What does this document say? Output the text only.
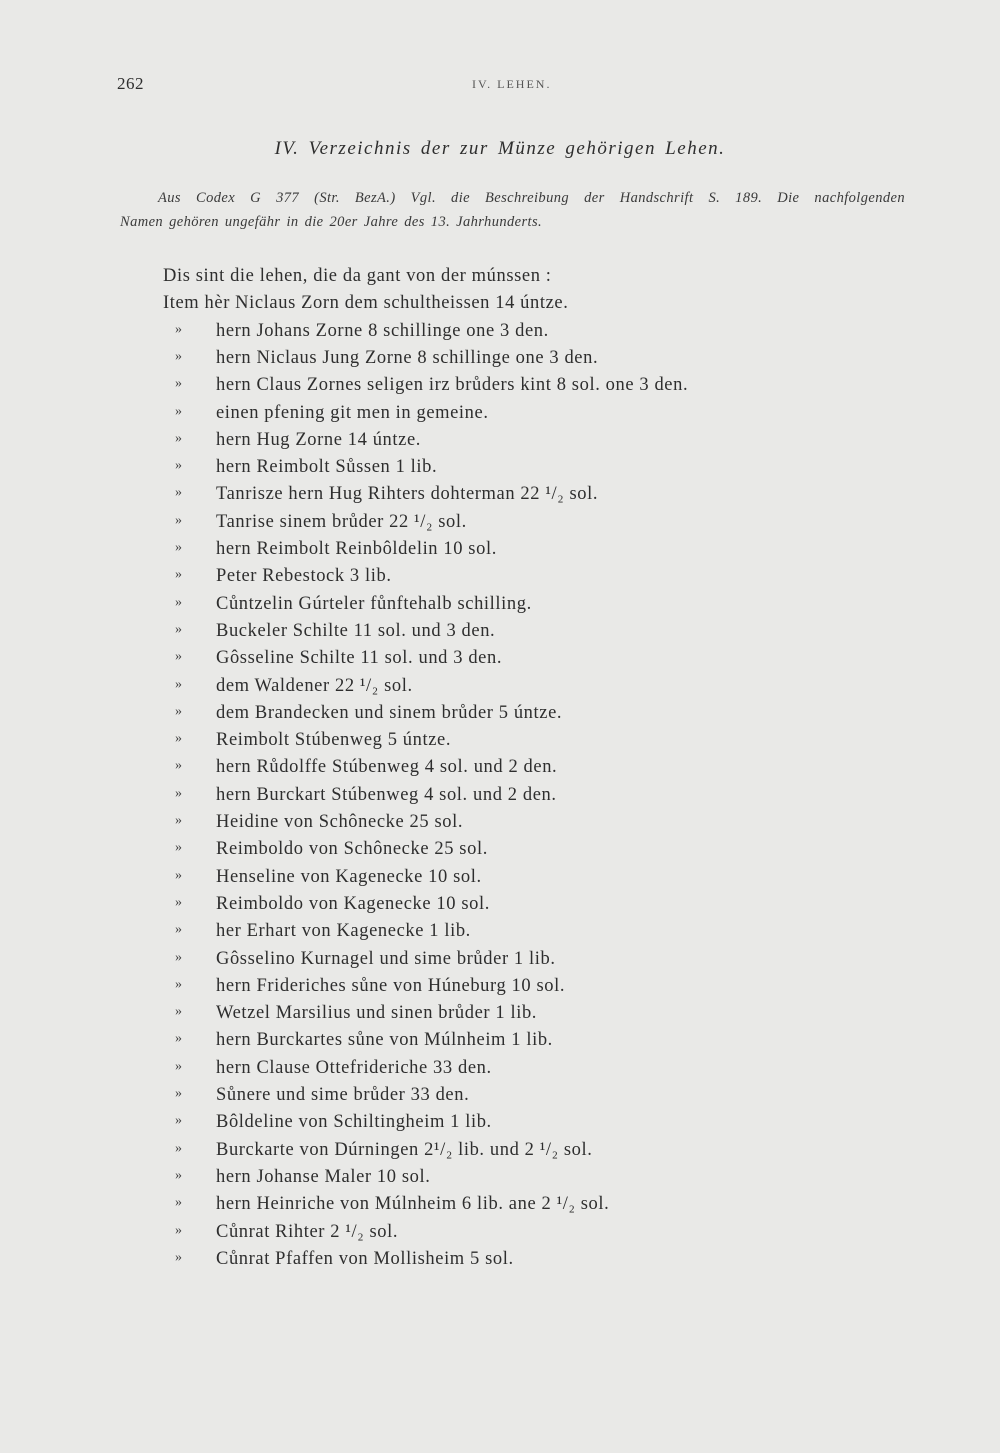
262	IV. LEHEN.
IV. Verzeichnis der zur Münze gehörigen Lehen.
Aus Codex G 377 (Str. BezA.) Vgl. die Beschreibung der Handschrift S. 189. Die nachfolgenden
Namen gehören ungefähr in die 20er Jahre des 13. Jahrhunderts.
Dis sint die lehen, die da gant von der múnssen :
Item hèr Niclaus Zorn dem schultheissen 14 úntze.
» hern Johans Zorne 8 schillinge one 3 den.
» hern Niclaus Jung Zorne 8 schillinge one 3 den.
» hern Claus Zornes seligen irz brůders kint 8 sol. one 3 den.
» einen pfening git men in gemeine.
» hern Hug Zorne 14 úntze.
» hern Reimbolt Sůssen 1 lib.
» Tanrisze hern Hug Rihters dohterman 22 ¹/₂ sol.
» Tanrise sinem brůder 22 ¹/₂ sol.
» hern Reimbolt Reinbôldelin 10 sol.
» Peter Rebestock 3 lib.
» Cůntzelin Gúrteler fůnftehalb schilling.
» Buckeler Schilte 11 sol. und 3 den.
» Gôsseline Schilte 11 sol. und 3 den.
» dem Waldener 22 ¹/₂ sol.
» dem Brandecken und sinem brůder 5 úntze.
» Reimbolt Stúbenweg 5 úntze.
» hern Růdolffe Stúbenweg 4 sol. und 2 den.
» hern Burckart Stúbenweg 4 sol. und 2 den.
» Heidine von Schônecke 25 sol.
» Reimboldo von Schônecke 25 sol.
» Henseline von Kagenecke 10 sol.
» Reimboldo von Kagenecke 10 sol.
» her Erhart von Kagenecke 1 lib.
» Gôsselino Kurnagel und sime brůder 1 lib.
» hern Frideriches sůne von Húneburg 10 sol.
» Wetzel Marsilius und sinen brůder 1 lib.
» hern Burckartes sůne von Múlnheim 1 lib.
» hern Clause Ottefrideriche 33 den.
» Sůnere und sime brůder 33 den.
» Bôldeline von Schiltingheim 1 lib.
» Burckarte von Dúrningen 2¹/₂ lib. und 2 ¹/₂ sol.
» hern Johanse Maler 10 sol.
» hern Heinriche von Múlnheim 6 lib. ane 2 ¹/₂ sol.
» Cůnrat Rihter 2 ¹/₂ sol.
» Cůnrat Pfaffen von Mollisheim 5 sol.
